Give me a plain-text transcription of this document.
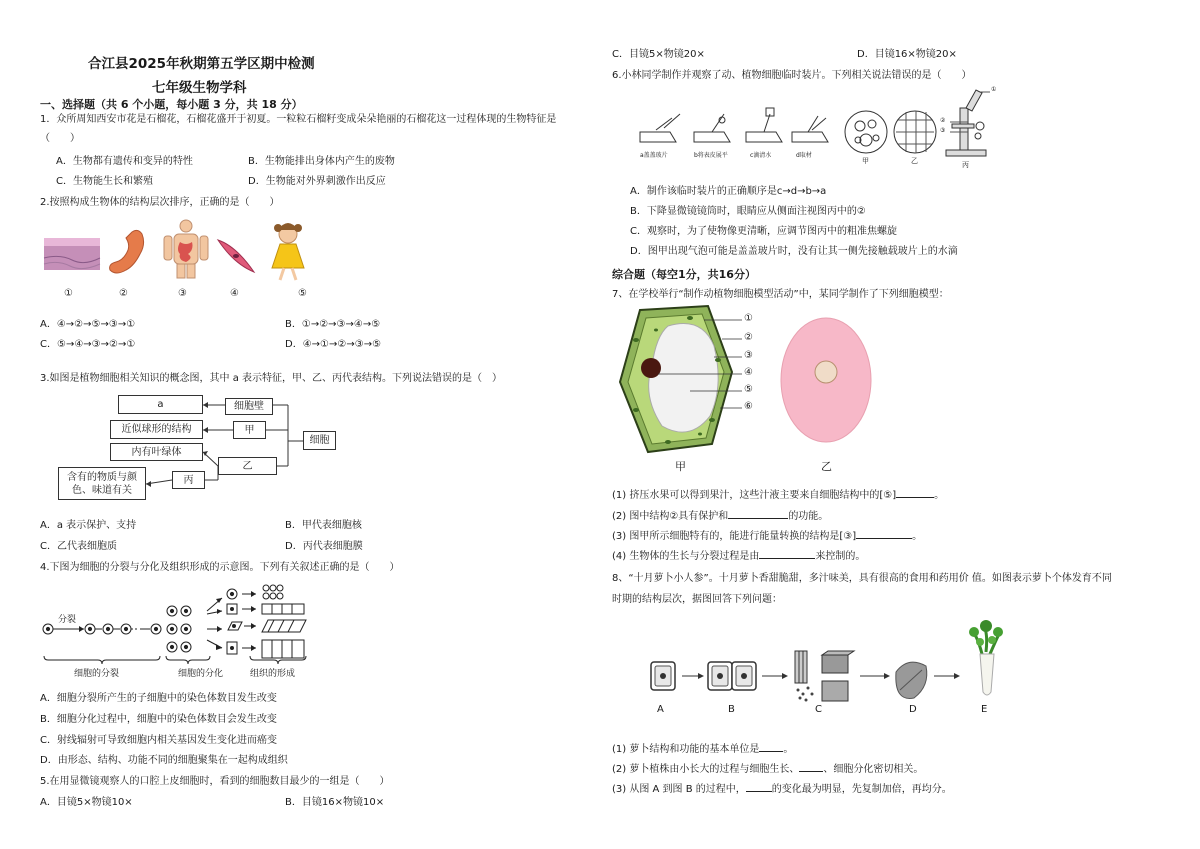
合江县2025年秋期第五学区期中检测
七年级生物学科
一、选择题（共 6 个小题，每小题 3 分，共 18 分）
1．众所周知西安市花是石榴花，石榴花盛开于初夏。一粒粒石榴籽变成朵朵艳丽的石榴花这一过程体现的生物特征是
（　　）
A．生物都有遗传和变异的特性	B．生物能排出身体内产生的废物
C．生物能生长和繁殖	D．生物能对外界刺激作出反应
2.按照构成生物体的结构层次排序，正确的是（　　）
①	②	③	④	⑤
A．④→②→⑤→③→①	B．①→②→③→④→⑤
C．⑤→④→③→②→①	D．④→①→②→③→⑤
3.如图是植物细胞相关知识的概念图，其中 a 表示特征，甲、乙、丙代表结构。下列说法错误的是（　）
a	细胞壁
近似球形的结构	甲
内有叶绿体
细胞
乙
含有的物质与颜色、味道有关
丙
A．a 表示保护、支持	B．甲代表细胞核
C．乙代表细胞质	D．丙代表细胞膜
4.下图为细胞的分裂与分化及组织形成的示意图。下列有关叙述正确的是（　　）
分裂
细胞的分裂	细胞的分化	组织的形成
A．细胞分裂所产生的子细胞中的染色体数目发生改变
B．细胞分化过程中，细胞中的染色体数目会发生改变
C．射线辐射可导致细胞内相关基因发生变化进而癌变
D．由形态、结构、功能不同的细胞聚集在一起构成组织
5.在用显微镜观察人的口腔上皮细胞时，看到的细胞数目最少的一组是（　　）
A．目镜5×物镜10×	B．目镜16×物镜10×
C．目镜5×物镜20×	D．目镜16×物镜20×
6.小林同学制作并观察了动、植物细胞临时装片。下列相关说法错误的是（　　）
a盖盖玻片	b将表皮展平	c滴清水	d取材
甲	乙	丙
①
②
③
A．制作该临时装片的正确顺序是c→d→b→a
B．下降显微镜镜筒时，眼睛应从侧面注视图丙中的②
C．观察时，为了使物像更清晰，应调节图丙中的粗准焦螺旋
D．图甲出现气泡可能是盖盖玻片时，没有让其一侧先接触载玻片上的水滴
综合题（每空1分，共16分）
7、在学校举行“制作动植物细胞模型活动”中，某同学制作了下列细胞模型：
①
②
③
④
⑤
⑥
甲	乙
(1) 挤压水果可以得到果汁，这些汁液主要来自细胞结构中的[⑤]	。
(2) 图中结构②具有保护和	的功能。
(3) 图甲所示细胞特有的，能进行能量转换的结构是[③]	。
(4) 生物体的生长与分裂过程是由	来控制的。
8、“十月萝卜小人参”。十月萝卜香甜脆甜，多汁味美，具有很高的食用和药用价 值。如图表示萝卜个体发育不同
时期的结构层次，据图回答下列问题：
A	B	C	D	E
(1) 萝卜结构和功能的基本单位是 。
(2) 萝卜植株由小长大的过程与细胞生长、 、细胞分化密切相关。
(3) 从图 A 到图 B 的过程中，	的变化最为明显，先复制加倍，再均分。
